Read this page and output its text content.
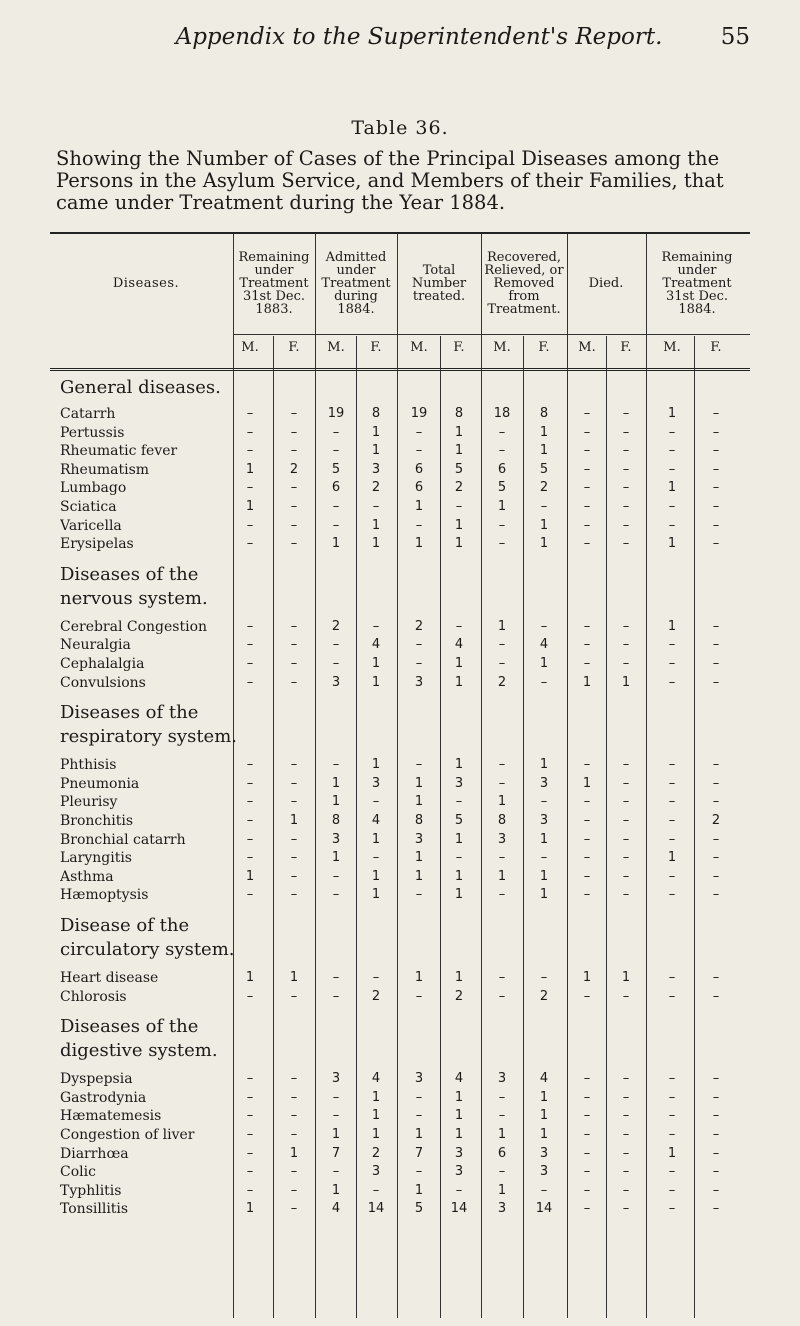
Appendix to the Superintendent's Report.	55
Table 36.
Showing the Number of Cases of the Principal Diseases among the Persons in the Asylum Service, and Members of their Families, that came under Treatment during the Year 1884.
Diseases.
Remaining under Treatment 31st Dec. 1883.
Admitted under Treatment during 1884.
Total Number treated.
Recovered, Relieved, or Removed from Treatment.
Died.
Remaining under Treatment 31st Dec. 1884.
M.	F.	M.	F.	M.	F.	M.	F.	M.	F.	M.	F.
General diseases.
Catarrh	–	–	19	8	19	8	18	8	–	–	1	–
Pertussis	–	–	–	1	–	1	–	1	–	–	–	–
Rheumatic fever	–	–	–	1	–	1	–	1	–	–	–	–
Rheumatism	1	2	5	3	6	5	6	5	–	–	–	–
Lumbago	–	–	6	2	6	2	5	2	–	–	1	–
Sciatica	1	–	–	–	1	–	1	–	–	–	–	–
Varicella	–	–	–	1	–	1	–	1	–	–	–	–
Erysipelas	–	–	1	1	1	1	–	1	–	–	1	–
Diseases of the nervous system.
Cerebral Congestion	–	–	2	–	2	–	1	–	–	–	1	–
Neuralgia	–	–	–	4	–	4	–	4	–	–	–	–
Cephalalgia	–	–	–	1	–	1	–	1	–	–	–	–
Convulsions	–	–	3	1	3	1	2	–	1	1	–	–
Diseases of the respiratory system.
Phthisis	–	–	–	1	–	1	–	1	–	–	–	–
Pneumonia	–	–	1	3	1	3	–	3	1	–	–	–
Pleurisy	–	–	1	–	1	–	1	–	–	–	–	–
Bronchitis	–	1	8	4	8	5	8	3	–	–	–	2
Bronchial catarrh	–	–	3	1	3	1	3	1	–	–	–	–
Laryngitis	–	–	1	–	1	–	–	–	–	–	1	–
Asthma	1	–	–	1	1	1	1	1	–	–	–	–
Hæmoptysis	–	–	–	1	–	1	–	1	–	–	–	–
Disease of the circulatory system.
Heart disease	1	1	–	–	1	1	–	–	1	1	–	–
Chlorosis	–	–	–	2	–	2	–	2	–	–	–	–
Diseases of the digestive system.
Dyspepsia	–	–	3	4	3	4	3	4	–	–	–	–
Gastrodynia	–	–	–	1	–	1	–	1	–	–	–	–
Hæmatemesis	–	–	–	1	–	1	–	1	–	–	–	–
Congestion of liver	–	–	1	1	1	1	1	1	–	–	–	–
Diarrhœa	–	1	7	2	7	3	6	3	–	–	1	–
Colic	–	–	–	3	–	3	–	3	–	–	–	–
Typhlitis	–	–	1	–	1	–	1	–	–	–	–	–
Tonsillitis	1	–	4	14	5	14	3	14	–	–	–	–
